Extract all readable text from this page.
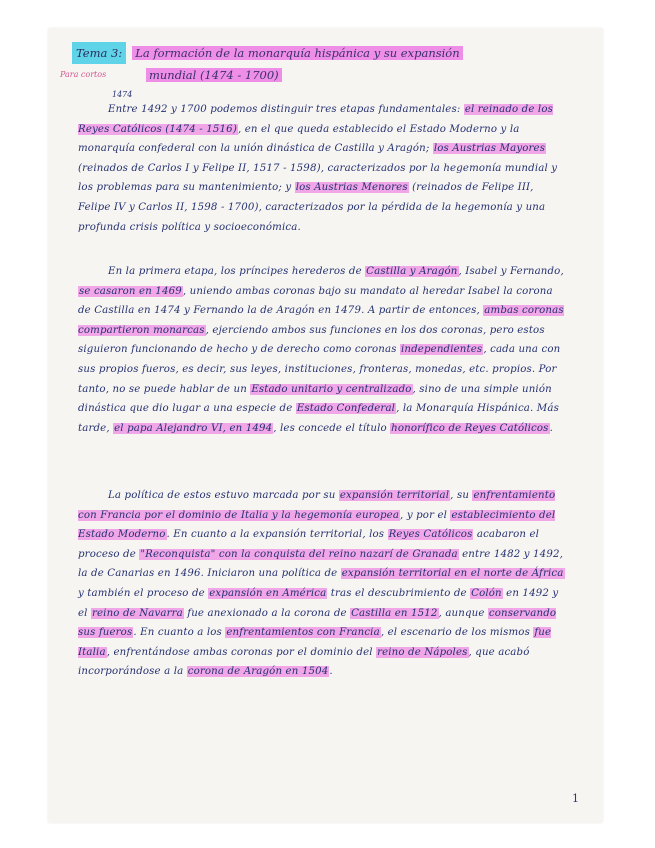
Tema 3: La formación de la monarquía hispánica y su expansión
Para cortos	mundial (1474 - 1700)
1474
Entre 1492 y 1700 podemos distinguir tres etapas fundamentales: el reinado de los Reyes Católicos (1474 - 1516), en el que queda establecido el Estado Moderno y la monarquía confederal con la unión dinástica de Castilla y Aragón; los Austrias Mayores (reinados de Carlos I y Felipe II, 1517 - 1598), caracterizados por la hegemonía mundial y los problemas para su mantenimiento; y los Austrias Menores (reinados de Felipe III, Felipe IV y Carlos II, 1598 - 1700), caracterizados por la pérdida de la hegemonía y una profunda crisis política y socioeconómica.
En la primera etapa, los príncipes herederos de Castilla y Aragón, Isabel y Fernando, se casaron en 1469, uniendo ambas coronas bajo su mandato al heredar Isabel la corona de Castilla en 1474 y Fernando la de Aragón en 1479. A partir de entonces, ambas coronas compartieron monarcas, ejerciendo ambos sus funciones en los dos coronas, pero estos siguieron funcionando de hecho y de derecho como coronas independientes, cada una con sus propios fueros, es decir, sus leyes, instituciones, fronteras, monedas, etc. propios. Por tanto, no se puede hablar de un Estado unitario y centralizado, sino de una simple unión dinástica que dio lugar a una especie de Estado Confederal, la Monarquía Hispánica. Más tarde, el papa Alejandro VI, en 1494, les concede el título honorífico de Reyes Católicos.
La política de estos estuvo marcada por su expansión territorial, su enfrentamiento con Francia por el dominio de Italia y la hegemonía europea, y por el establecimiento del Estado Moderno. En cuanto a la expansión territorial, los Reyes Católicos acabaron el proceso de "Reconquista" con la conquista del reino nazarí de Granada entre 1482 y 1492, la de Canarias en 1496. Iniciaron una política de expansión territorial en el norte de África y también el proceso de expansión en América tras el descubrimiento de Colón en 1492 y el reino de Navarra fue anexionado a la corona de Castilla en 1512, aunque conservando sus fueros. En cuanto a los enfrentamientos con Francia, el escenario de los mismos fue Italia, enfrentándose ambas coronas por el dominio del reino de Nápoles, que acabó incorporándose a la corona de Aragón en 1504.
1
